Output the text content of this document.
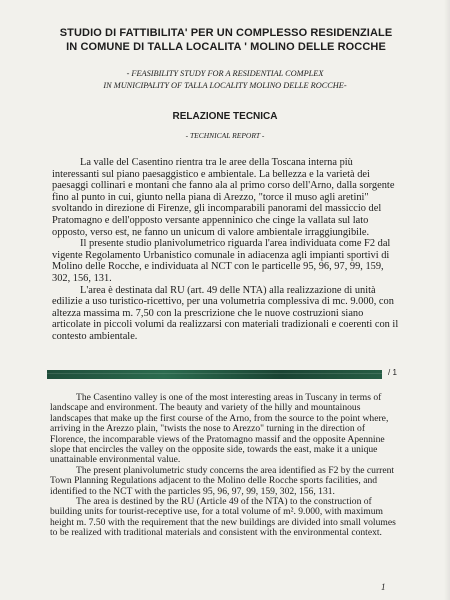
STUDIO DI FATTIBILITA' PER UN COMPLESSO RESIDENZIALE
IN COMUNE DI TALLA LOCALITA ' MOLINO DELLE ROCCHE
- FEASIBILITY STUDY FOR A RESIDENTIAL COMPLEX
IN MUNICIPALITY OF TALLA LOCALITY MOLINO DELLE ROCCHE-
RELAZIONE TECNICA
- TECHNICAL REPORT -

La valle del Casentino rientra tra le aree della Toscana interna più interessanti sul piano paesaggistico e ambientale. La bellezza e la varietà dei paesaggi collinari e montani che fanno ala al primo corso dell'Arno, dalla sorgente fino al punto in cui, giunto nella piana di Arezzo, "torce il muso agli aretini" svoltando in direzione di Firenze, gli incomparabili panorami del massiccio del Pratomagno e dell'opposto versante appenninico che cinge la vallata sul lato opposto, verso est, ne fanno un unicum di valore ambientale irraggiungibile.

Il presente studio planivolumetrico riguarda l'area individuata come F2 dal vigente Regolamento Urbanistico comunale in adiacenza agli impianti sportivi di Molino delle Rocche, e individuata al NCT con le particelle 95, 96, 97, 99, 159, 302, 156, 131.

L'area è destinata dal RU (art. 49 delle NTA) alla realizzazione di unità edilizie a uso turistico-ricettivo, per una volumetria complessiva di mc. 9.000, con altezza massima m. 7,50 con la prescrizione che le nuove costruzioni siano articolate in piccoli volumi da realizzarsi con materiali tradizionali e coerenti con il contesto ambientale.

/ 1

The Casentino valley is one of the most interesting areas in Tuscany in terms of landscape and environment. The beauty and variety of the hilly and mountainous landscapes that make up the first course of the Arno, from the source to the point where, arriving in the Arezzo plain, "twists the nose to Arezzo" turning in the direction of Florence, the incomparable views of the Pratomagno massif and the opposite Apennine slope that encircles the valley on the opposite side, towards the east, make it a unique unattainable environmental value.

The present planivolumetric study concerns the area identified as F2 by the current Town Planning Regulations adjacent to the Molino delle Rocche sports facilities, and identified to the NCT with the particles 95, 96, 97, 99, 159, 302, 156, 131.

The area is destined by the RU (Article 49 of the NTA) to the construction of building units for tourist-receptive use, for a total volume of m². 9.000, with maximum height m. 7.50 with the requirement that the new buildings are divided into small volumes to be realized with traditional materials and consistent with the environmental context.

1
